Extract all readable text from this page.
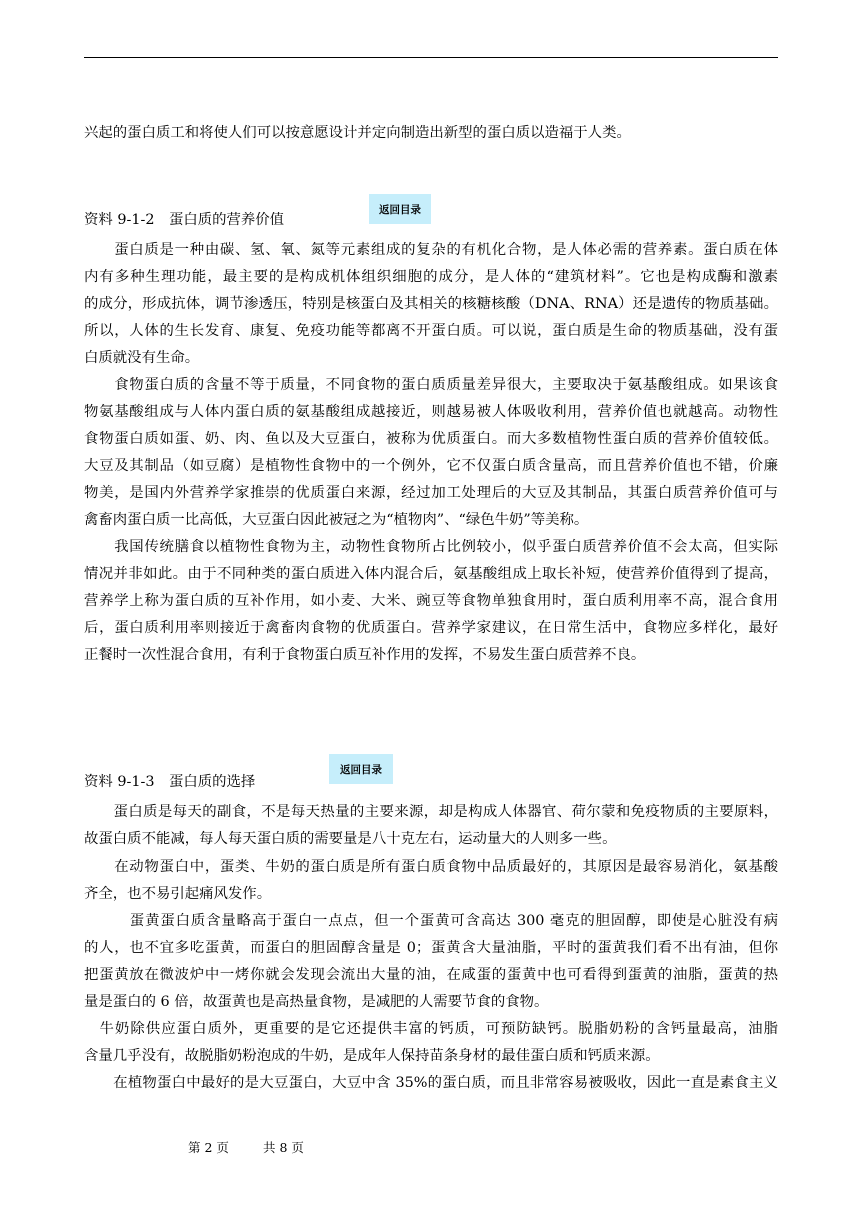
兴起的蛋白质工和将使人们可以按意愿设计并定向制造出新型的蛋白质以造福于人类。
返回目录
资料 9-1-2　蛋白质的营养价值
　　蛋白质是一种由碳、氢、氧、氮等元素组成的复杂的有机化合物，是人体必需的营养素。蛋白质在体
内有多种生理功能，最主要的是构成机体组织细胞的成分，是人体的“建筑材料”。它也是构成酶和激素
的成分，形成抗体，调节渗透压，特别是核蛋白及其相关的核糖核酸（DNA、RNA）还是遗传的物质基础。
所以，人体的生长发育、康复、免疫功能等都离不开蛋白质。可以说，蛋白质是生命的物质基础，没有蛋
白质就没有生命。
　　食物蛋白质的含量不等于质量，不同食物的蛋白质质量差异很大，主要取决于氨基酸组成。如果该食
物氨基酸组成与人体内蛋白质的氨基酸组成越接近，则越易被人体吸收利用，营养价值也就越高。动物性
食物蛋白质如蛋、奶、肉、鱼以及大豆蛋白，被称为优质蛋白。而大多数植物性蛋白质的营养价值较低。
大豆及其制品（如豆腐）是植物性食物中的一个例外，它不仅蛋白质含量高，而且营养价值也不错，价廉
物美，是国内外营养学家推崇的优质蛋白来源，经过加工处理后的大豆及其制品，其蛋白质营养价值可与
禽畜肉蛋白质一比高低，大豆蛋白因此被冠之为“植物肉”、“绿色牛奶”等美称。
　　我国传统膳食以植物性食物为主，动物性食物所占比例较小，似乎蛋白质营养价值不会太高，但实际
情况并非如此。由于不同种类的蛋白质进入体内混合后，氨基酸组成上取长补短，使营养价值得到了提高，
营养学上称为蛋白质的互补作用，如小麦、大米、豌豆等食物单独食用时，蛋白质利用率不高，混合食用
后，蛋白质利用率则接近于禽畜肉食物的优质蛋白。营养学家建议，在日常生活中，食物应多样化，最好
正餐时一次性混合食用，有利于食物蛋白质互补作用的发挥，不易发生蛋白质营养不良。
返回目录
资料 9-1-3　蛋白质的选择
　　蛋白质是每天的副食，不是每天热量的主要来源，却是构成人体器官、荷尔蒙和免疫物质的主要原料，
故蛋白质不能减，每人每天蛋白质的需要量是八十克左右，运动量大的人则多一些。
　　在动物蛋白中，蛋类、牛奶的蛋白质是所有蛋白质食物中品质最好的，其原因是最容易消化，氨基酸
齐全，也不易引起痛风发作。
　　　蛋黄蛋白质含量略高于蛋白一点点，但一个蛋黄可含高达 300 毫克的胆固醇，即使是心脏没有病
的人，也不宜多吃蛋黄，而蛋白的胆固醇含量是 0；蛋黄含大量油脂，平时的蛋黄我们看不出有油，但你
把蛋黄放在微波炉中一烤你就会发现会流出大量的油，在咸蛋的蛋黄中也可看得到蛋黄的油脂，蛋黄的热
量是蛋白的 6 倍，故蛋黄也是高热量食物，是减肥的人需要节食的食物。
　牛奶除供应蛋白质外，更重要的是它还提供丰富的钙质，可预防缺钙。脱脂奶粉的含钙量最高，油脂
含量几乎没有，故脱脂奶粉泡成的牛奶，是成年人保持苗条身材的最佳蛋白质和钙质来源。
　　在植物蛋白中最好的是大豆蛋白，大豆中含 35%的蛋白质，而且非常容易被吸收，因此一直是素食主义
第 2 页	共 8 页
